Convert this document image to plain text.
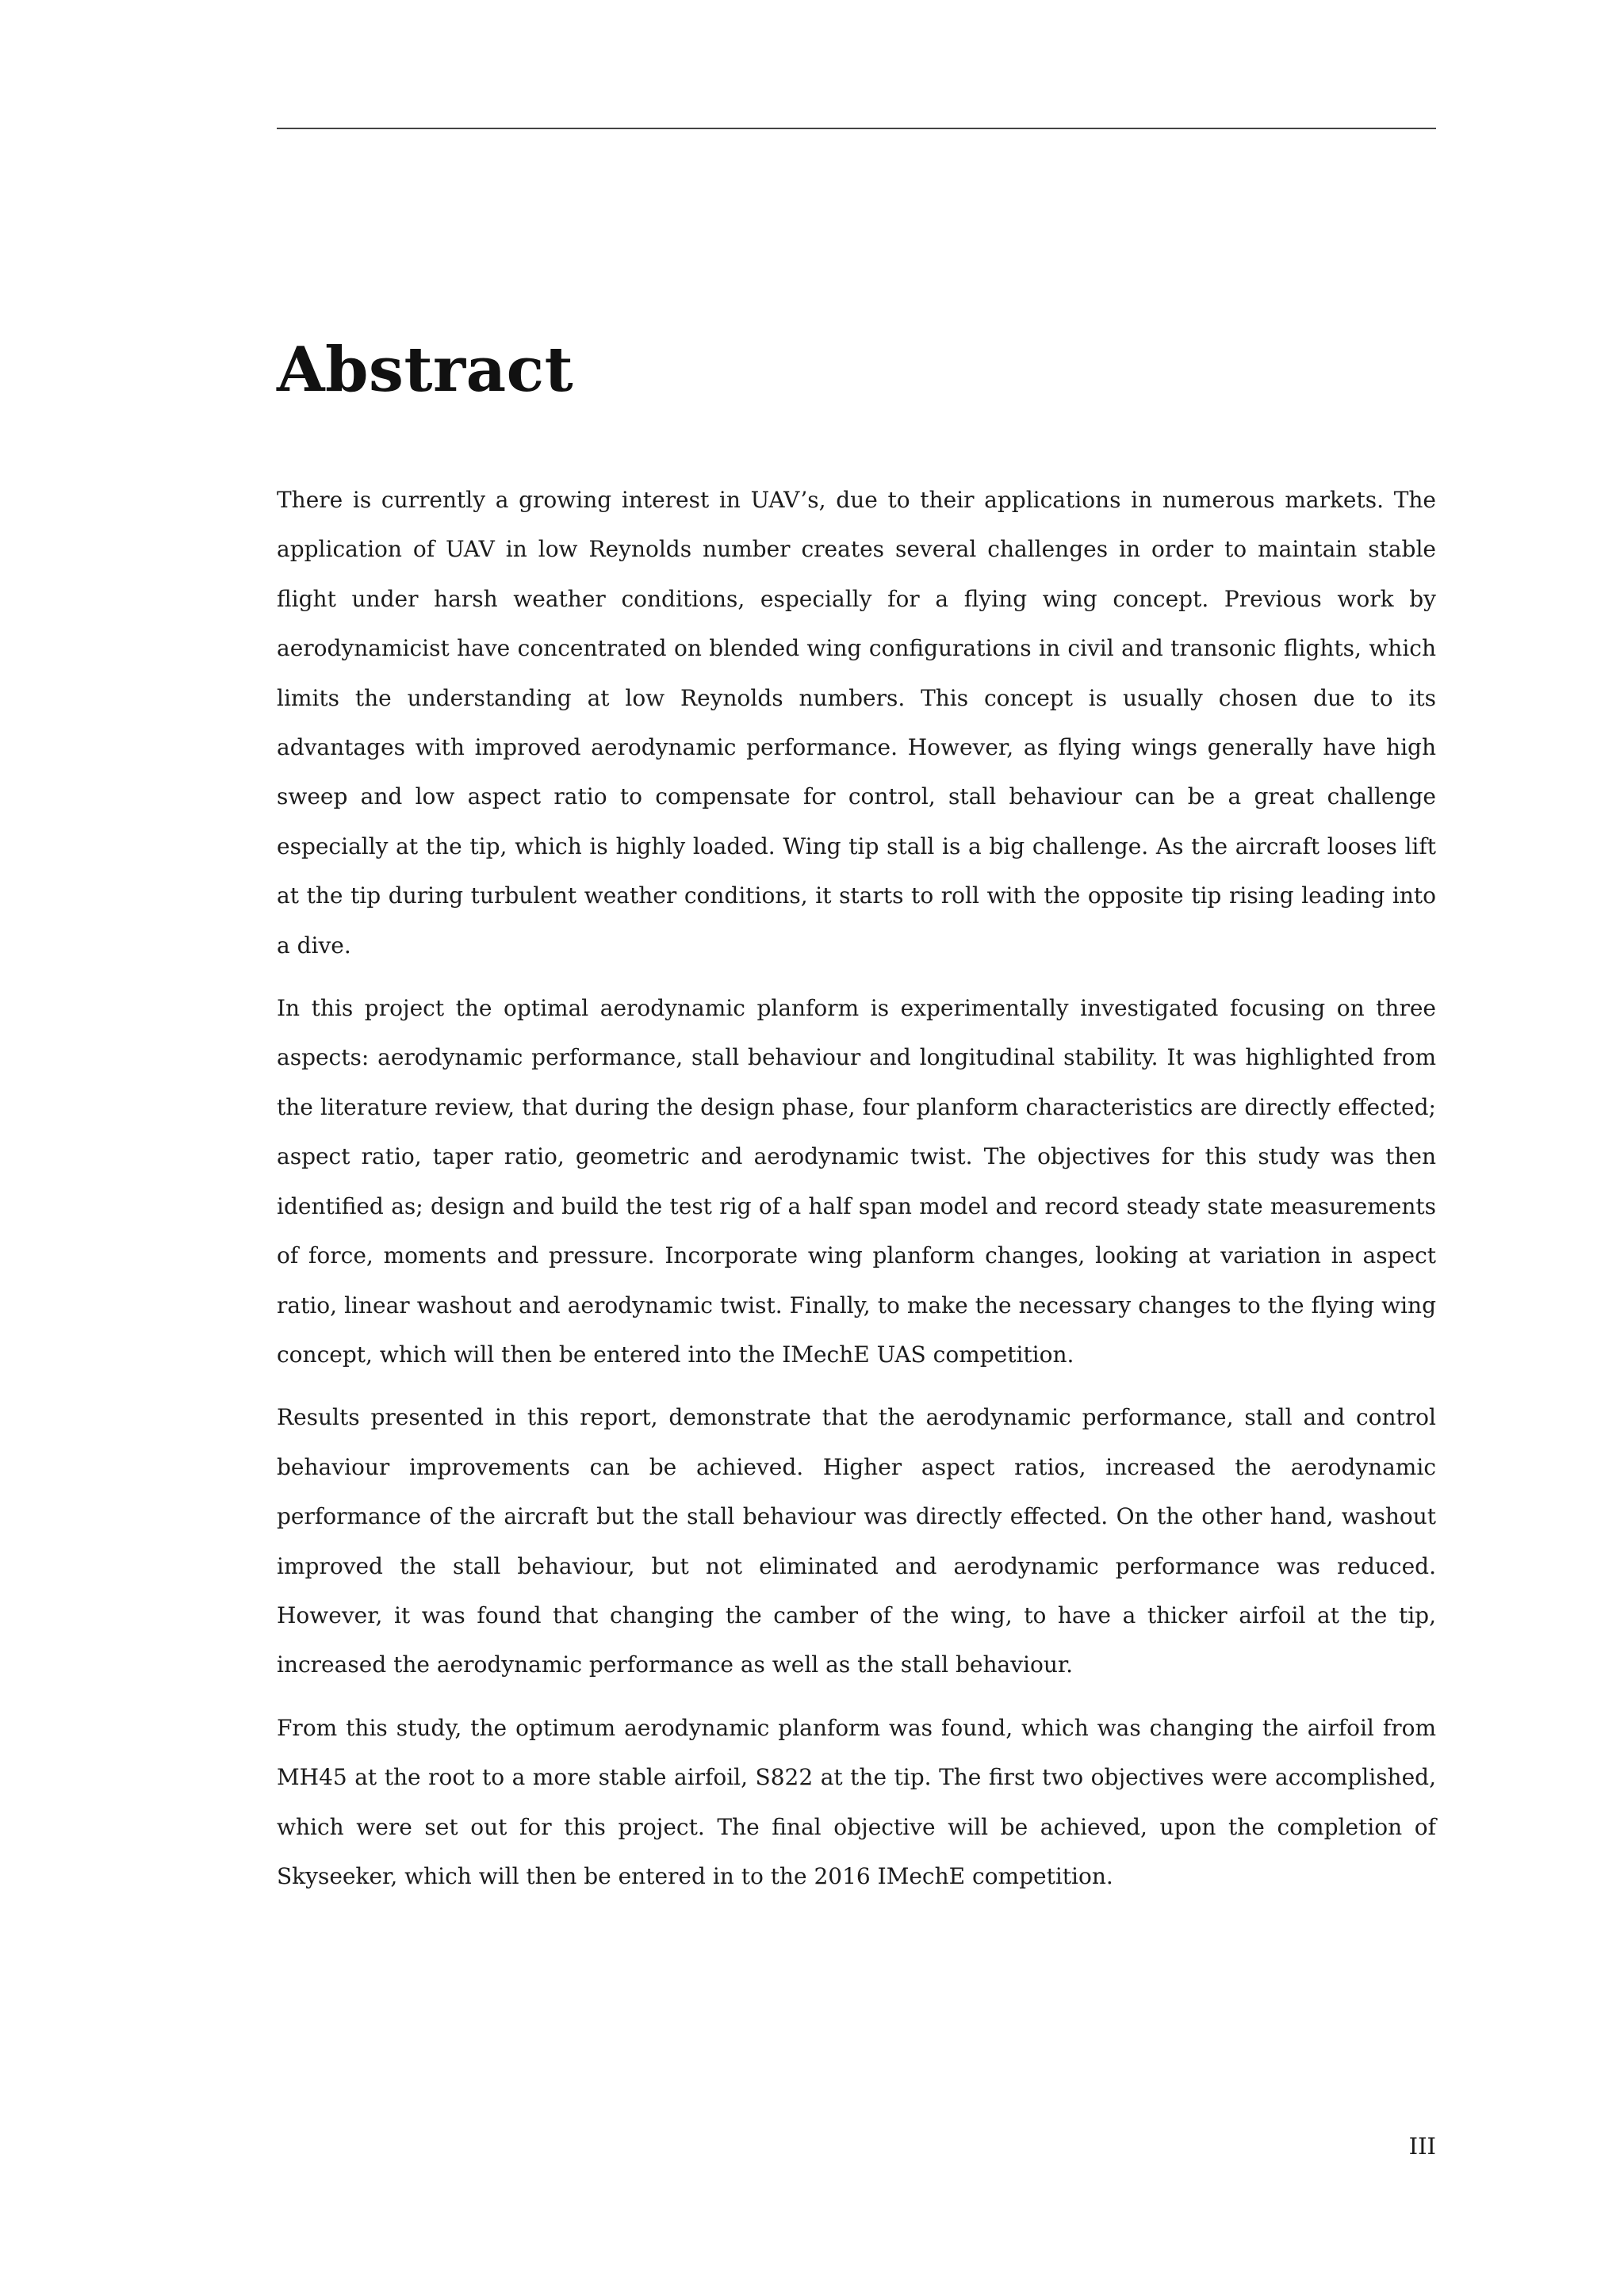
Abstract

There is currently a growing interest in UAV’s, due to their applications in numerous markets. The application of UAV in low Reynolds number creates several challenges in order to maintain stable flight under harsh weather conditions, especially for a flying wing concept. Previous work by aerodynamicist have concentrated on blended wing configurations in civil and transonic flights, which limits the understanding at low Reynolds numbers. This concept is usually chosen due to its advantages with improved aerodynamic performance. However, as flying wings generally have high sweep and low aspect ratio to compensate for control, stall behaviour can be a great challenge especially at the tip, which is highly loaded. Wing tip stall is a big challenge. As the aircraft looses lift at the tip during turbulent weather conditions, it starts to roll with the opposite tip rising leading into a dive.

In this project the optimal aerodynamic planform is experimentally investigated focusing on three aspects: aerodynamic performance, stall behaviour and longitudinal stability. It was highlighted from the literature review, that during the design phase, four planform characteristics are directly effected; aspect ratio, taper ratio, geometric and aerodynamic twist. The objectives for this study was then identified as; design and build the test rig of a half span model and record steady state measurements of force, moments and pressure. Incorporate wing planform changes, looking at variation in aspect ratio, linear washout and aerodynamic twist. Finally, to make the necessary changes to the flying wing concept, which will then be entered into the IMechE UAS competition.

Results presented in this report, demonstrate that the aerodynamic performance, stall and control behaviour improvements can be achieved. Higher aspect ratios, increased the aerodynamic performance of the aircraft but the stall behaviour was directly effected. On the other hand, washout improved the stall behaviour, but not eliminated and aerodynamic performance was reduced. However, it was found that changing the camber of the wing, to have a thicker airfoil at the tip, increased the aerodynamic performance as well as the stall behaviour.

From this study, the optimum aerodynamic planform was found, which was changing the airfoil from MH45 at the root to a more stable airfoil, S822 at the tip. The first two objectives were accomplished, which were set out for this project. The final objective will be achieved, upon the completion of Skyseeker, which will then be entered in to the 2016 IMechE competition.

III
